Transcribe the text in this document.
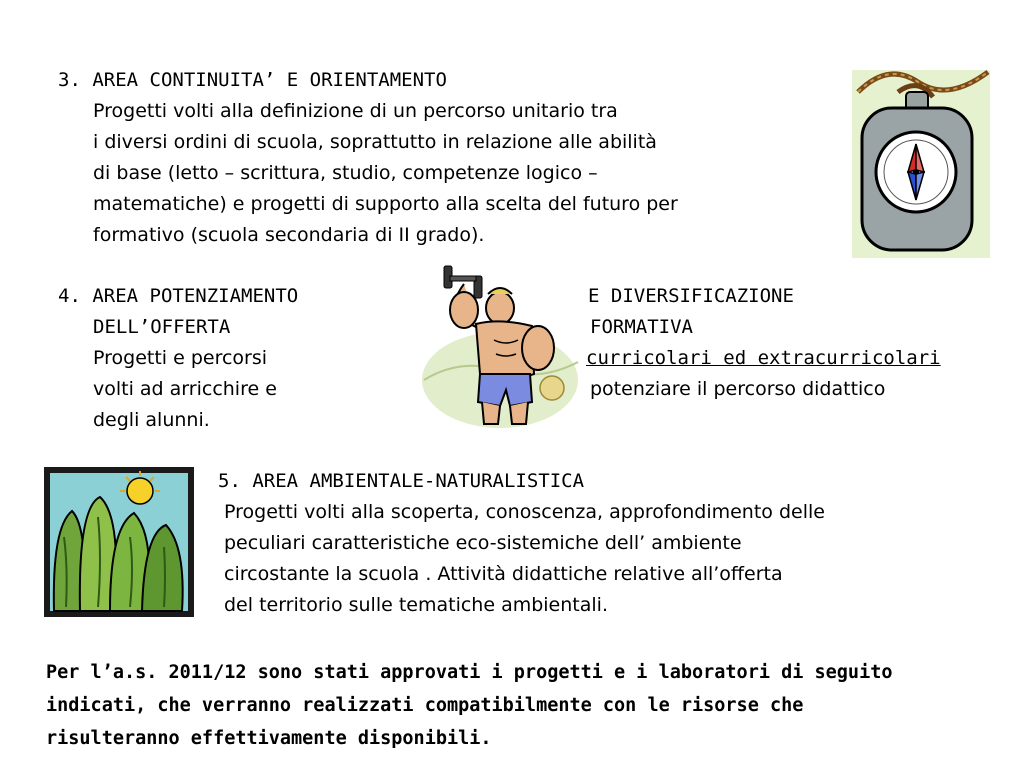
3. AREA CONTINUITA’ E ORIENTAMENTO
Progetti volti alla definizione di un percorso unitario tra
i diversi ordini di scuola, soprattutto in relazione alle abilità
di base (letto – scrittura, studio, competenze logico –
matematiche) e progetti di supporto alla scelta del futuro per
formativo (scuola secondaria di II grado).
4. AREA POTENZIAMENTO	E DIVERSIFICAZIONE
DELL’OFFERTA	FORMATIVA
Progetti e percorsi	curricolari ed extracurricolari
volti ad arricchire e	potenziare il percorso didattico
degli alunni.
5. AREA AMBIENTALE-NATURALISTICA
Progetti volti alla scoperta, conoscenza, approfondimento delle
peculiari caratteristiche eco-sistemiche dell’ ambiente
circostante la scuola . Attività didattiche relative all’offerta
del territorio sulle tematiche ambientali.
Per l’a.s. 2011/12 sono stati approvati i progetti e i laboratori di seguito
indicati, che verranno realizzati compatibilmente con le risorse che
risulteranno effettivamente disponibili.
